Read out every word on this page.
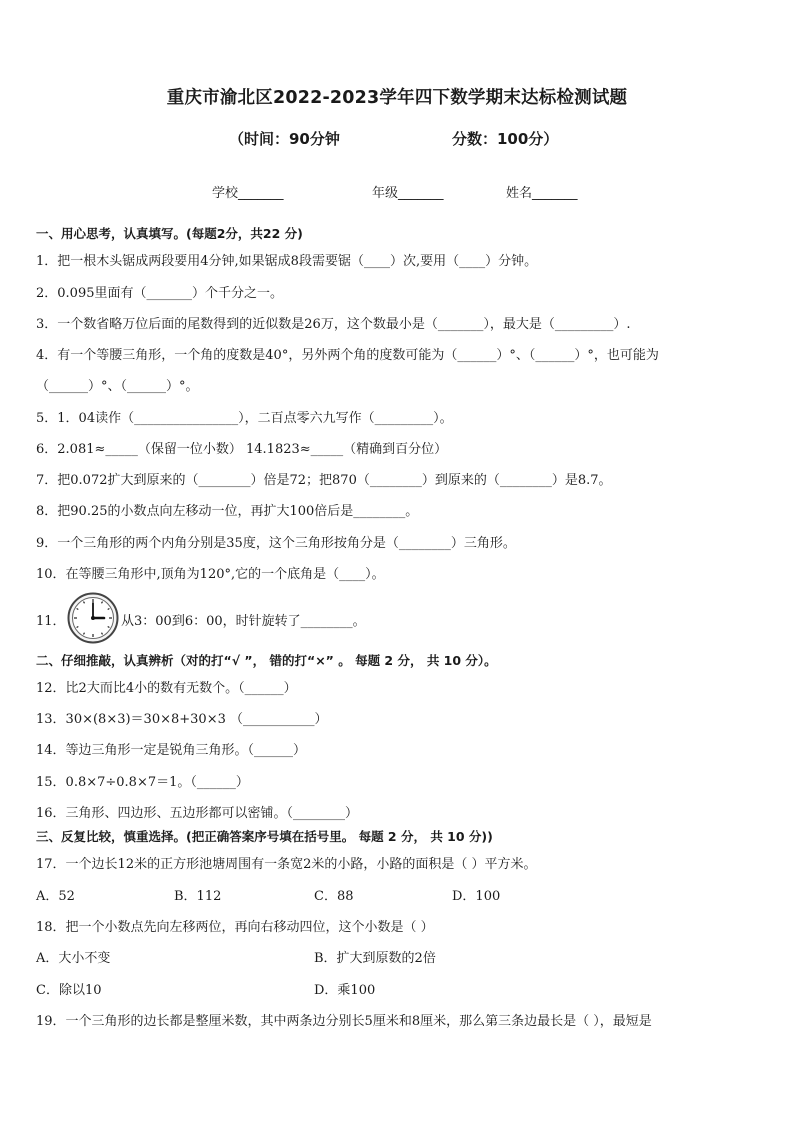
重庆市渝北区2022-2023学年四下数学期末达标检测试题
（时间：90分钟	分数：100分）
学校_______	年级_______	姓名_______
一、用心思考，认真填写。(每题2分，共22 分)
1．把一根木头锯成两段要用4分钟,如果锯成8段需要锯（____）次,要用（____）分钟。
2．0.095里面有（_______）个千分之一。
3．一个数省略万位后面的尾数得到的近似数是26万，这个数最小是（_______），最大是（_________）.
4．有一个等腰三角形，一个角的度数是40°，另外两个角的度数可能为（______）°、（______）°，也可能为
（______）°、（______）°。
5．1．04读作（________________），二百点零六九写作（_________）。
6．2.081≈_____（保留一位小数） 14.1823≈_____（精确到百分位）
7．把0.072扩大到原来的（________）倍是72；把870（________）到原来的（________）是8.7。
8．把90.25的小数点向左移动一位，再扩大100倍后是________。
9．一个三角形的两个内角分别是35度，这个三角形按角分是（________）三角形。
10．在等腰三角形中,顶角为120°,它的一个底角是（____）。
11．	从3：00到6：00，时针旋转了________。
二、仔细推敲，认真辨析（对的打“√ ”， 错的打“×” 。 每题 2 分， 共 10 分）。
12．比2大而比4小的数有无数个。（______）
13．30×(8×3)＝30×8+30×3 （___________）
14．等边三角形一定是锐角三角形。（______）
15．0.8×7÷0.8×7＝1。（______）
16．三角形、四边形、五边形都可以密铺。（________）
三、反复比较，慎重选择。(把正确答案序号填在括号里。 每题 2 分， 共 10 分))
17．一个边长12米的正方形池塘周围有一条宽2米的小路，小路的面积是（ ）平方米。
A．52	B．112	C．88	D．100
18．把一个小数点先向左移两位，再向右移动四位，这个小数是（ ）
A．大小不变	B．扩大到原数的2倍
C．除以10	D．乘100
19．一个三角形的边长都是整厘米数，其中两条边分别长5厘米和8厘米，那么第三条边最长是（ ），最短是
